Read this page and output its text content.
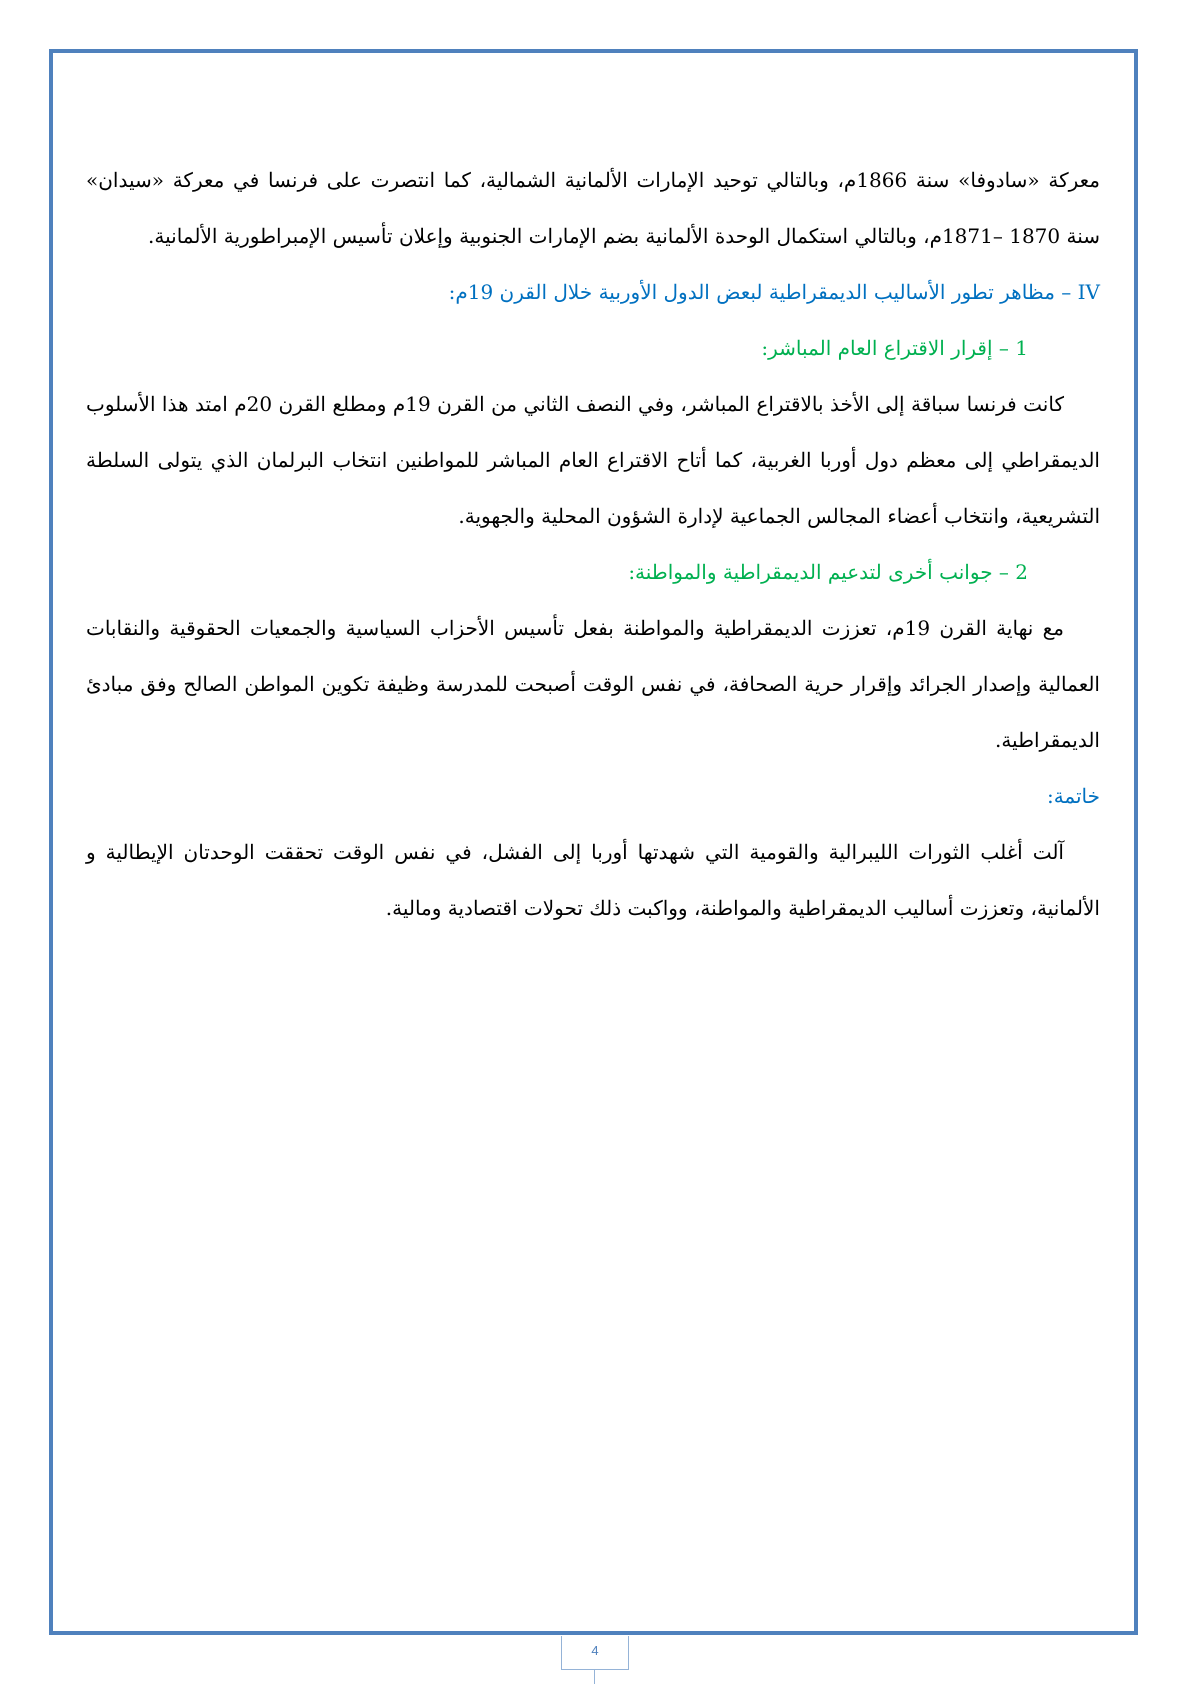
معركة «سادوفا» سنة 1866م، وبالتالي توحيد الإمارات الألمانية الشمالية، كما انتصرت على فرنسا في معركة «سيدان» سنة 1870 –1871م، وبالتالي استكمال الوحدة الألمانية بضم الإمارات الجنوبية وإعلان تأسيس الإمبراطورية الألمانية.

IV – مظاهر تطور الأساليب الديمقراطية لبعض الدول الأوربية خلال القرن 19م:

1 – إقرار الاقتراع العام المباشر:

كانت فرنسا سباقة إلى الأخذ بالاقتراع المباشر، وفي النصف الثاني من القرن 19م ومطلع القرن 20م امتد هذا الأسلوب الديمقراطي إلى معظم دول أوربا الغربية، كما أتاح الاقتراع العام المباشر للمواطنين انتخاب البرلمان الذي يتولى السلطة التشريعية، وانتخاب أعضاء المجالس الجماعية لإدارة الشؤون المحلية والجهوية.

2 – جوانب أخرى لتدعيم الديمقراطية والمواطنة:

مع نهاية القرن 19م، تعززت الديمقراطية والمواطنة بفعل تأسيس الأحزاب السياسية والجمعيات الحقوقية والنقابات العمالية وإصدار الجرائد وإقرار حرية الصحافة، في نفس الوقت أصبحت للمدرسة وظيفة تكوين المواطن الصالح وفق مبادئ الديمقراطية.

خاتمة:

آلت أغلب الثورات الليبرالية والقومية التي شهدتها أوربا إلى الفشل، في نفس الوقت تحققت الوحدتان الإيطالية و الألمانية، وتعززت أساليب الديمقراطية والمواطنة، وواكبت ذلك تحولات اقتصادية ومالية.

4
